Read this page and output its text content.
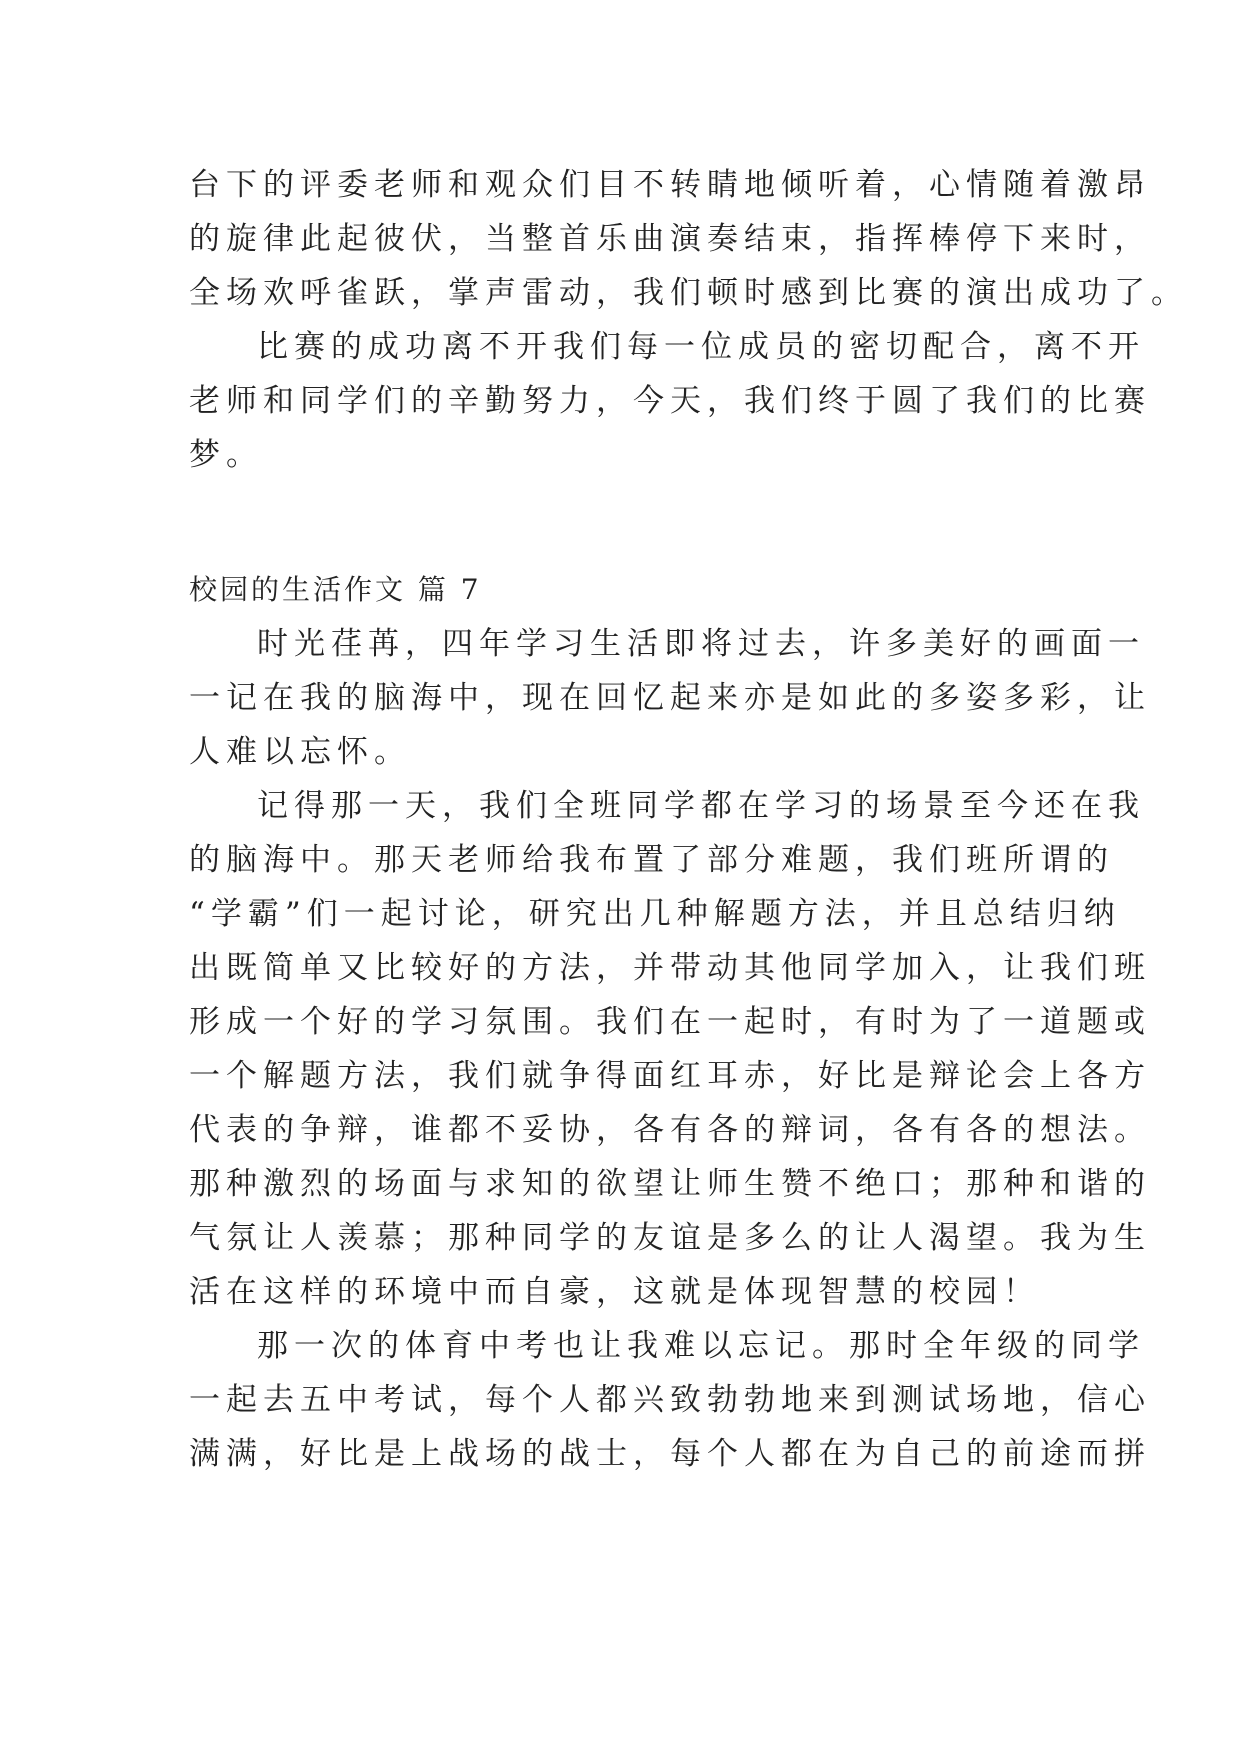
台下的评委老师和观众们目不转睛地倾听着，心情随着激昂
的旋律此起彼伏，当整首乐曲演奏结束，指挥棒停下来时，
全场欢呼雀跃，掌声雷动，我们顿时感到比赛的演出成功了。
比赛的成功离不开我们每一位成员的密切配合，离不开
老师和同学们的辛勤努力，今天，我们终于圆了我们的比赛
梦。
校园的生活作文 篇 7
时光荏苒，四年学习生活即将过去，许多美好的画面一
一记在我的脑海中，现在回忆起来亦是如此的多姿多彩，让
人难以忘怀。
记得那一天，我们全班同学都在学习的场景至今还在我
的脑海中。那天老师给我布置了部分难题，我们班所谓的
“学霸”们一起讨论，研究出几种解题方法，并且总结归纳
出既简单又比较好的方法，并带动其他同学加入，让我们班
形成一个好的学习氛围。我们在一起时，有时为了一道题或
一个解题方法，我们就争得面红耳赤，好比是辩论会上各方
代表的争辩，谁都不妥协，各有各的辩词，各有各的想法。
那种激烈的场面与求知的欲望让师生赞不绝口；那种和谐的
气氛让人羡慕；那种同学的友谊是多么的让人渴望。我为生
活在这样的环境中而自豪，这就是体现智慧的校园！
那一次的体育中考也让我难以忘记。那时全年级的同学
一起去五中考试，每个人都兴致勃勃地来到测试场地，信心
满满，好比是上战场的战士，每个人都在为自己的前途而拼
